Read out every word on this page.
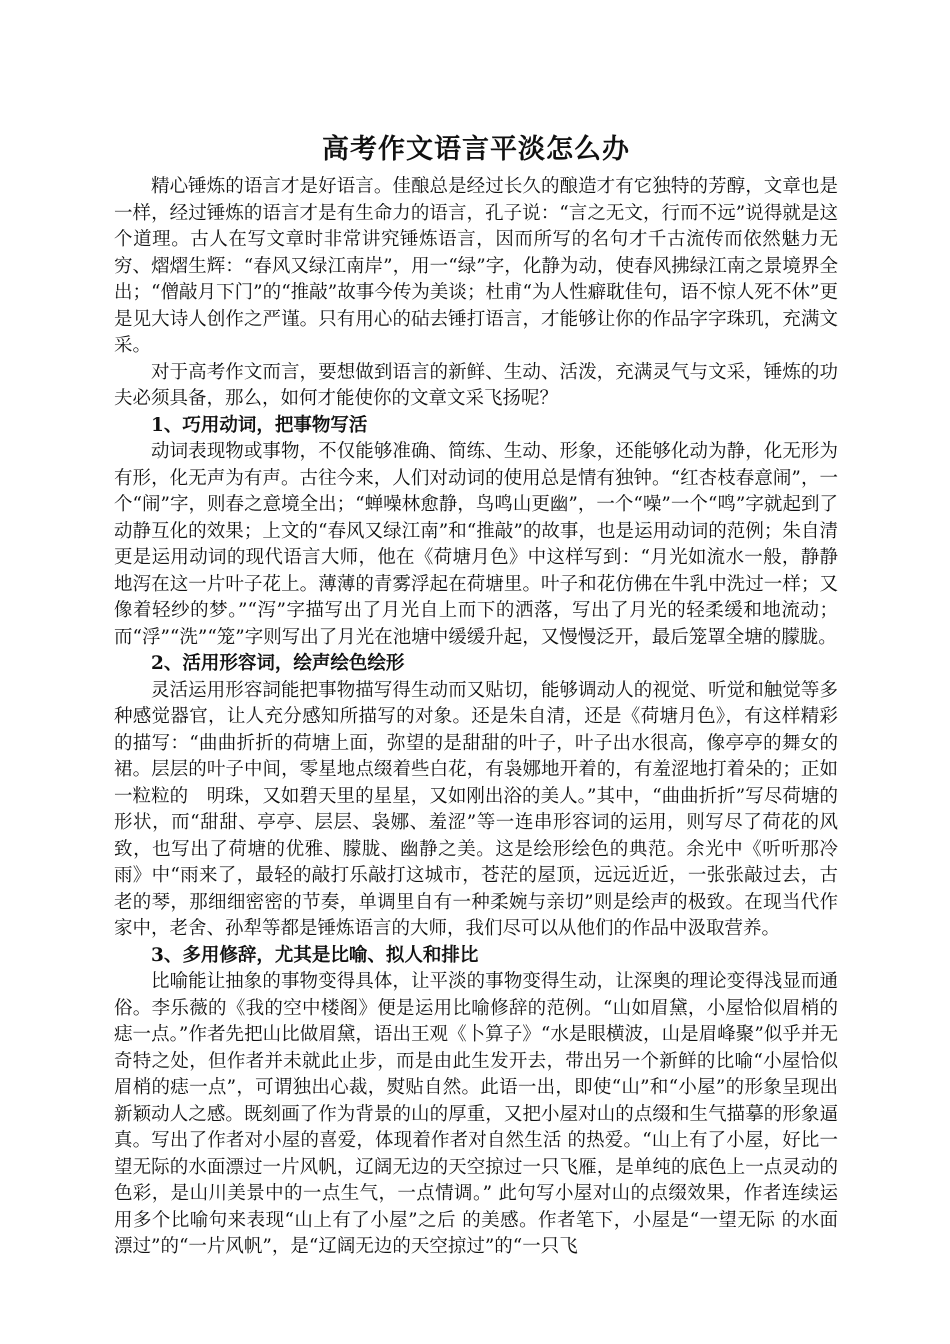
高考作文语言平淡怎么办

精心锤炼的语言才是好语言。佳酿总是经过长久的酿造才有它独特的芳醇，文章也是一样，经过锤炼的语言才是有生命力的语言，孔子说：“言之无文，行而不远”说得就是这个道理。古人在写文章时非常讲究锤炼语言，因而所写的名句才千古流传而依然魅力无穷、熠熠生辉：“春风又绿江南岸”，用一“绿”字，化静为动，使春风拂绿江南之景境界全出；“僧敲月下门”的“推敲”故事今传为美谈；杜甫“为人性癖耽佳句，语不惊人死不休”更是见大诗人创作之严谨。只有用心的砧去锤打语言，才能够让你的作品字字珠玑，充满文采。

对于高考作文而言，要想做到语言的新鲜、生动、活泼，充满灵气与文采，锤炼的功夫必须具备，那么，如何才能使你的文章文采飞扬呢？

1、巧用动词，把事物写活

动词表现物或事物，不仅能够准确、简练、生动、形象，还能够化动为静，化无形为有形，化无声为有声。古往今来，人们对动词的使用总是情有独钟。“红杏枝春意闹”，一个“闹”字，则春之意境全出；“蝉噪林愈静，鸟鸣山更幽”，一个“噪”一个“鸣”字就起到了动静互化的效果；上文的“春风又绿江南”和“推敲”的故事，也是运用动词的范例；朱自清更是运用动词的现代语言大师，他在《荷塘月色》中这样写到：“月光如流水一般，静静地泻在这一片叶子花上。薄薄的青雾浮起在荷塘里。叶子和花仿佛在牛乳中洗过一样；又像着轻纱的梦。”“泻”字描写出了月光自上而下的洒落，写出了月光的轻柔缓和地流动；而“浮”“洗”“笼”字则写出了月光在池塘中缓缓升起，又慢慢泛开，最后笼罩全塘的朦胧。

2、活用形容词，绘声绘色绘形

灵活运用形容詞能把事物描写得生动而又贴切，能够调动人的视觉、听觉和触觉等多种感觉器官，让人充分感知所描写的对象。还是朱自清，还是《荷塘月色》，有这样精彩的描写：“曲曲折折的荷塘上面，弥望的是甜甜的叶子，叶子出水很高，像亭亭的舞女的裙。层层的叶子中间，零星地点缀着些白花，有袅娜地开着的，有羞涩地打着朵的；正如一粒粒的　明珠，又如碧天里的星星，又如刚出浴的美人。”其中，“曲曲折折”写尽荷塘的形状，而“甜甜、亭亭、层层、袅娜、羞涩”等一连串形容词的运用，则写尽了荷花的风致，也写出了荷塘的优雅、朦胧、幽静之美。这是绘形绘色的典范。余光中《听听那冷雨》中“雨来了，最轻的敲打乐敲打这城市，苍茫的屋顶，远远近近，一张张敲过去，古老的琴，那细细密密的节奏，单调里自有一种柔婉与亲切”则是绘声的极致。在现当代作家中，老舍、孙犁等都是锤炼语言的大师，我们尽可以从他们的作品中汲取营养。

3、多用修辞，尤其是比喻、拟人和排比

比喻能让抽象的事物变得具体，让平淡的事物变得生动，让深奥的理论变得浅显而通俗。李乐薇的《我的空中楼阁》便是运用比喻修辞的范例。“山如眉黛，小屋恰似眉梢的痣一点。”作者先把山比做眉黛，语出王观《卜算子》“水是眼横波，山是眉峰聚”似乎并无奇特之处，但作者并未就此止步，而是由此生发开去，带出另一个新鲜的比喻“小屋恰似眉梢的痣一点”，可谓独出心裁，熨贴自然。此语一出，即使“山”和“小屋”的形象呈现出新颖动人之感。既刻画了作为背景的山的厚重，又把小屋对山的点缀和生气描摹的形象逼真。写出了作者对小屋的喜爱，体现着作者对自然生活 的热爱。“山上有了小屋，好比一望无际的水面漂过一片风帆，辽阔无边的天空掠过一只飞雁，是单纯的底色上一点灵动的色彩，是山川美景中的一点生气，一点情调。” 此句写小屋对山的点缀效果，作者连续运用多个比喻句来表现“山上有了小屋”之后 的美感。作者笔下，小屋是“一望无际 的水面漂过”的“一片风帆”，是“辽阔无边的天空掠过”的“一只飞
